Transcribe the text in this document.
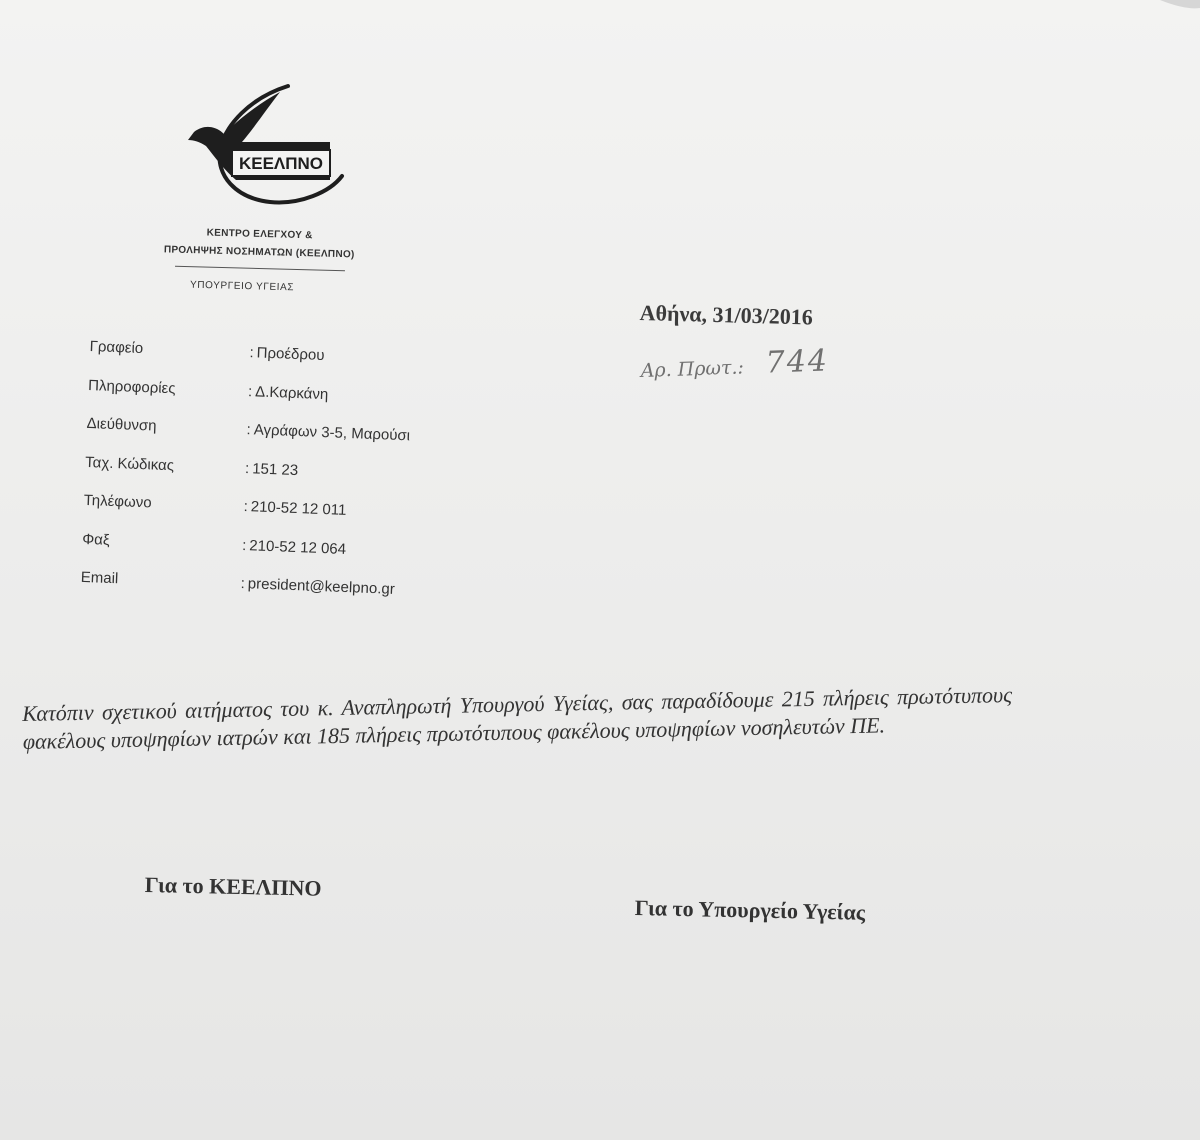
ΚΕΕΛΠΝΟ
ΚΕΝΤΡΟ ΕΛΕΓΧΟΥ &
ΠΡΟΛΗΨΗΣ ΝΟΣΗΜΑΤΩΝ (ΚΕΕΛΠΝΟ)
ΥΠΟΥΡΓΕΙΟ ΥΓΕΙΑΣ
Αθήνα, 31/03/2016
Αρ. Πρωτ.: 744
Γραφείο	: Προέδρου
Πληροφορίες	: Δ.Καρκάνη
Διεύθυνση	: Αγράφων 3-5, Μαρούσι
Ταχ. Κώδικας	: 151 23
Τηλέφωνο	: 210-52 12 011
Φαξ	: 210-52 12 064
Email	: president@keelpno.gr
Κατόπιν σχετικού αιτήματος του κ. Αναπληρωτή Υπουργού Υγείας, σας παραδίδουμε 215 πλήρεις πρωτότυπους φακέλους υποψηφίων ιατρών και 185 πλήρεις πρωτότυπους φακέλους υποψηφίων νοσηλευτών ΠΕ.
Για το ΚΕΕΛΠΝΟ
Για το Υπουργείο Υγείας
